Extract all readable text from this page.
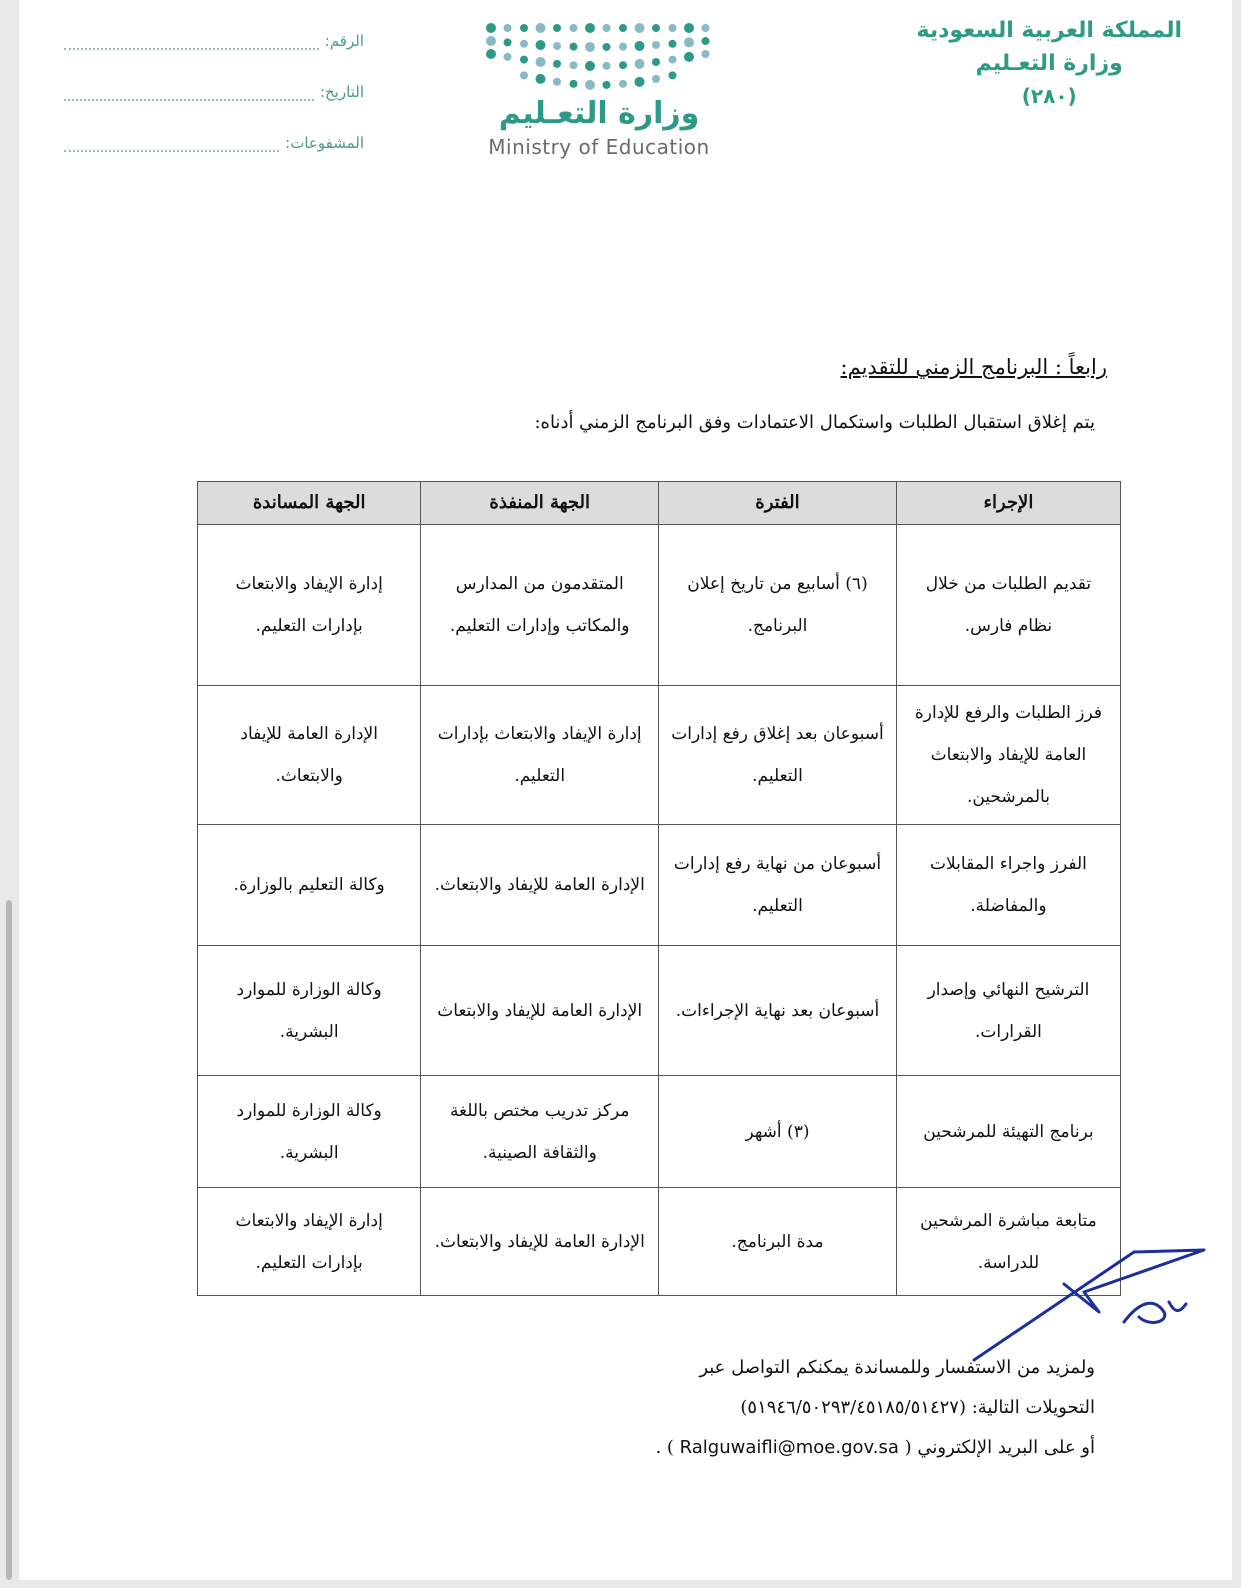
المملكة العربية السعودية
وزارة التعـليم
(٢٨٠)
وزارة التعـليم
Ministry of Education
الرقم:
التاريخ:
المشفوعات:
رابعاً : البرنامج الزمني للتقديم:
يتم إغلاق استقبال الطلبات واستكمال الاعتمادات وفق البرنامج الزمني أدناه:
الإجراء	الفترة	الجهة المنفذة	الجهة المساندة
تقديم الطلبات من خلال نظام فارس.	(٦) أسابيع من تاريخ إعلان البرنامج.	المتقدمون من المدارس والمكاتب وإدارات التعليم.	إدارة الإيفاد والابتعاث بإدارات التعليم.
فرز الطلبات والرفع للإدارة العامة للإيفاد والابتعاث بالمرشحين.	أسبوعان بعد إغلاق رفع إدارات التعليم.	إدارة الإيفاد والابتعاث بإدارات التعليم.	الإدارة العامة للإيفاد والابتعاث.
الفرز واجراء المقابلات والمفاضلة.	أسبوعان من نهاية رفع إدارات التعليم.	الإدارة العامة للإيفاد والابتعاث.	وكالة التعليم بالوزارة.
الترشيح النهائي وإصدار القرارات.	أسبوعان بعد نهاية الإجراءات.	الإدارة العامة للإيفاد والابتعاث	وكالة الوزارة للموارد البشرية.
برنامج التهيئة للمرشحين	(٣) أشهر	مركز تدريب مختص باللغة والثقافة الصينية.	وكالة الوزارة للموارد البشرية.
متابعة مباشرة المرشحين للدراسة.	مدة البرنامج.	الإدارة العامة للإيفاد والابتعاث.	إدارة الإيفاد والابتعاث بإدارات التعليم.
ولمزيد من الاستفسار وللمساندة يمكنكم التواصل عبر
التحويلات التالية: (٥١٩٤٦/٥٠٢٩٣/٤٥١٨٥/٥١٤٢٧)
أو على البريد الإلكتروني ( Ralguwaifli@moe.gov.sa ) .
